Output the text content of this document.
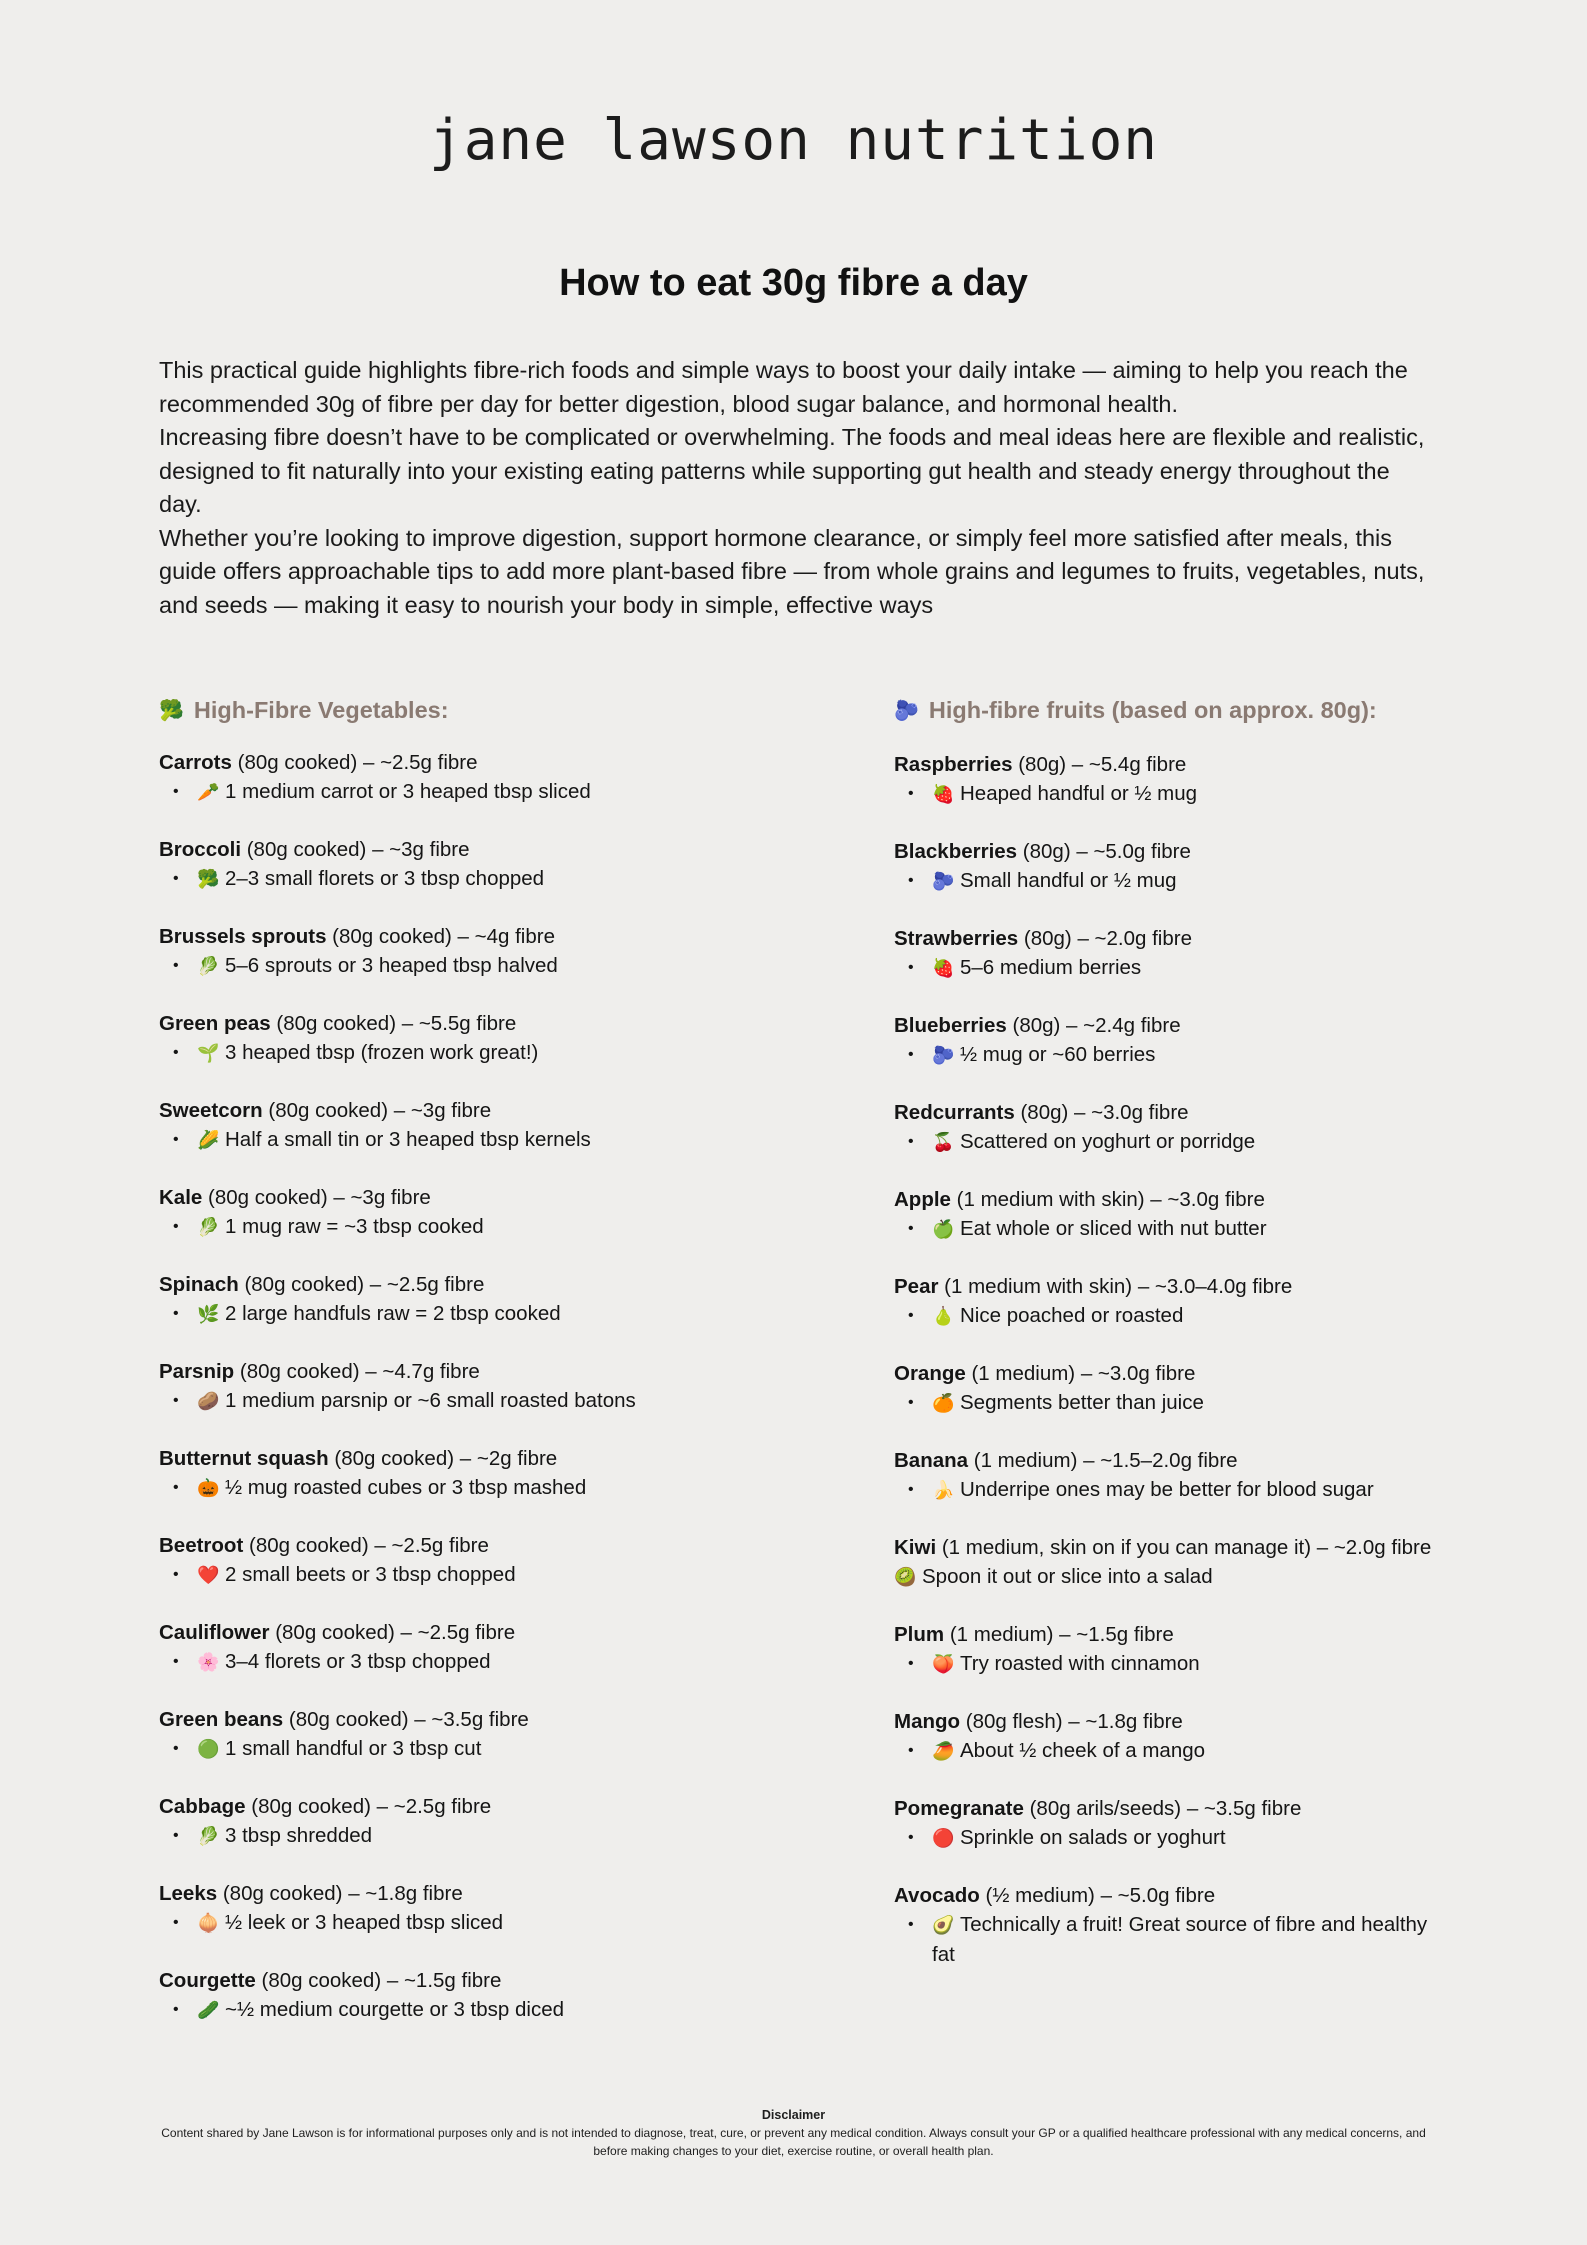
jane lawson nutrition
How to eat 30g fibre a day

This practical guide highlights fibre-rich foods and simple ways to boost your daily intake — aiming to help you reach the recommended 30g of fibre per day for better digestion, blood sugar balance, and hormonal health.

Increasing fibre doesn’t have to be complicated or overwhelming. The foods and meal ideas here are flexible and realistic, designed to fit naturally into your existing eating patterns while supporting gut health and steady energy throughout the day.

Whether you’re looking to improve digestion, support hormone clearance, or simply feel more satisfied after meals, this guide offers approachable tips to add more plant-based fibre — from whole grains and legumes to fruits, vegetables, nuts, and seeds — making it easy to nourish your body in simple, effective ways

🥦 High-Fibre Vegetables:
Carrots (80g cooked) – ~2.5g fibre
•	🥕 1 medium carrot or 3 heaped tbsp sliced
Broccoli (80g cooked) – ~3g fibre
•	🥦 2–3 small florets or 3 tbsp chopped
Brussels sprouts (80g cooked) – ~4g fibre
•	🥬 5–6 sprouts or 3 heaped tbsp halved
Green peas (80g cooked) – ~5.5g fibre
•	🌱 3 heaped tbsp (frozen work great!)
Sweetcorn (80g cooked) – ~3g fibre
•	🌽 Half a small tin or 3 heaped tbsp kernels
Kale (80g cooked) – ~3g fibre
•	🥬 1 mug raw = ~3 tbsp cooked
Spinach (80g cooked) – ~2.5g fibre
•	🌿 2 large handfuls raw = 2 tbsp cooked
Parsnip (80g cooked) – ~4.7g fibre
•	🥔 1 medium parsnip or ~6 small roasted batons
Butternut squash (80g cooked) – ~2g fibre
•	🎃 ½ mug roasted cubes or 3 tbsp mashed
Beetroot (80g cooked) – ~2.5g fibre
•	❤️ 2 small beets or 3 tbsp chopped
Cauliflower (80g cooked) – ~2.5g fibre
•	🌸 3–4 florets or 3 tbsp chopped
Green beans (80g cooked) – ~3.5g fibre
•	🟢 1 small handful or 3 tbsp cut
Cabbage (80g cooked) – ~2.5g fibre
•	🥬 3 tbsp shredded
Leeks (80g cooked) – ~1.8g fibre
•	🧅 ½ leek or 3 heaped tbsp sliced
Courgette (80g cooked) – ~1.5g fibre
•	🥒 ~½ medium courgette or 3 tbsp diced
🫐 High-fibre fruits (based on approx. 80g):
Raspberries (80g) – ~5.4g fibre
•	🍓 Heaped handful or ½ mug
Blackberries (80g) – ~5.0g fibre
•	🫐 Small handful or ½ mug
Strawberries (80g) – ~2.0g fibre
•	🍓 5–6 medium berries
Blueberries (80g) – ~2.4g fibre
•	🫐 ½ mug or ~60 berries
Redcurrants (80g) – ~3.0g fibre
•	🍒 Scattered on yoghurt or porridge
Apple (1 medium with skin) – ~3.0g fibre
•	🍏 Eat whole or sliced with nut butter
Pear (1 medium with skin) – ~3.0–4.0g fibre
•	🍐 Nice poached or roasted
Orange (1 medium) – ~3.0g fibre
•	🍊 Segments better than juice
Banana (1 medium) – ~1.5–2.0g fibre
•	🍌 Underripe ones may be better for blood sugar
Kiwi (1 medium, skin on if you can manage it) – ~2.0g fibre 🥝 Spoon it out or slice into a salad
Plum (1 medium) – ~1.5g fibre
•	🍑 Try roasted with cinnamon
Mango (80g flesh) – ~1.8g fibre
•	🥭 About ½ cheek of a mango
Pomegranate (80g arils/seeds) – ~3.5g fibre
•	🔴 Sprinkle on salads or yoghurt
Avocado (½ medium) – ~5.0g fibre
•	🥑 Technically a fruit! Great source of fibre and healthy fat
Disclaimer
Content shared by Jane Lawson is for informational purposes only and is not intended to diagnose, treat, cure, or prevent any medical condition. Always consult your GP or a qualified healthcare professional with any medical concerns, and before making changes to your diet, exercise routine, or overall health plan.
